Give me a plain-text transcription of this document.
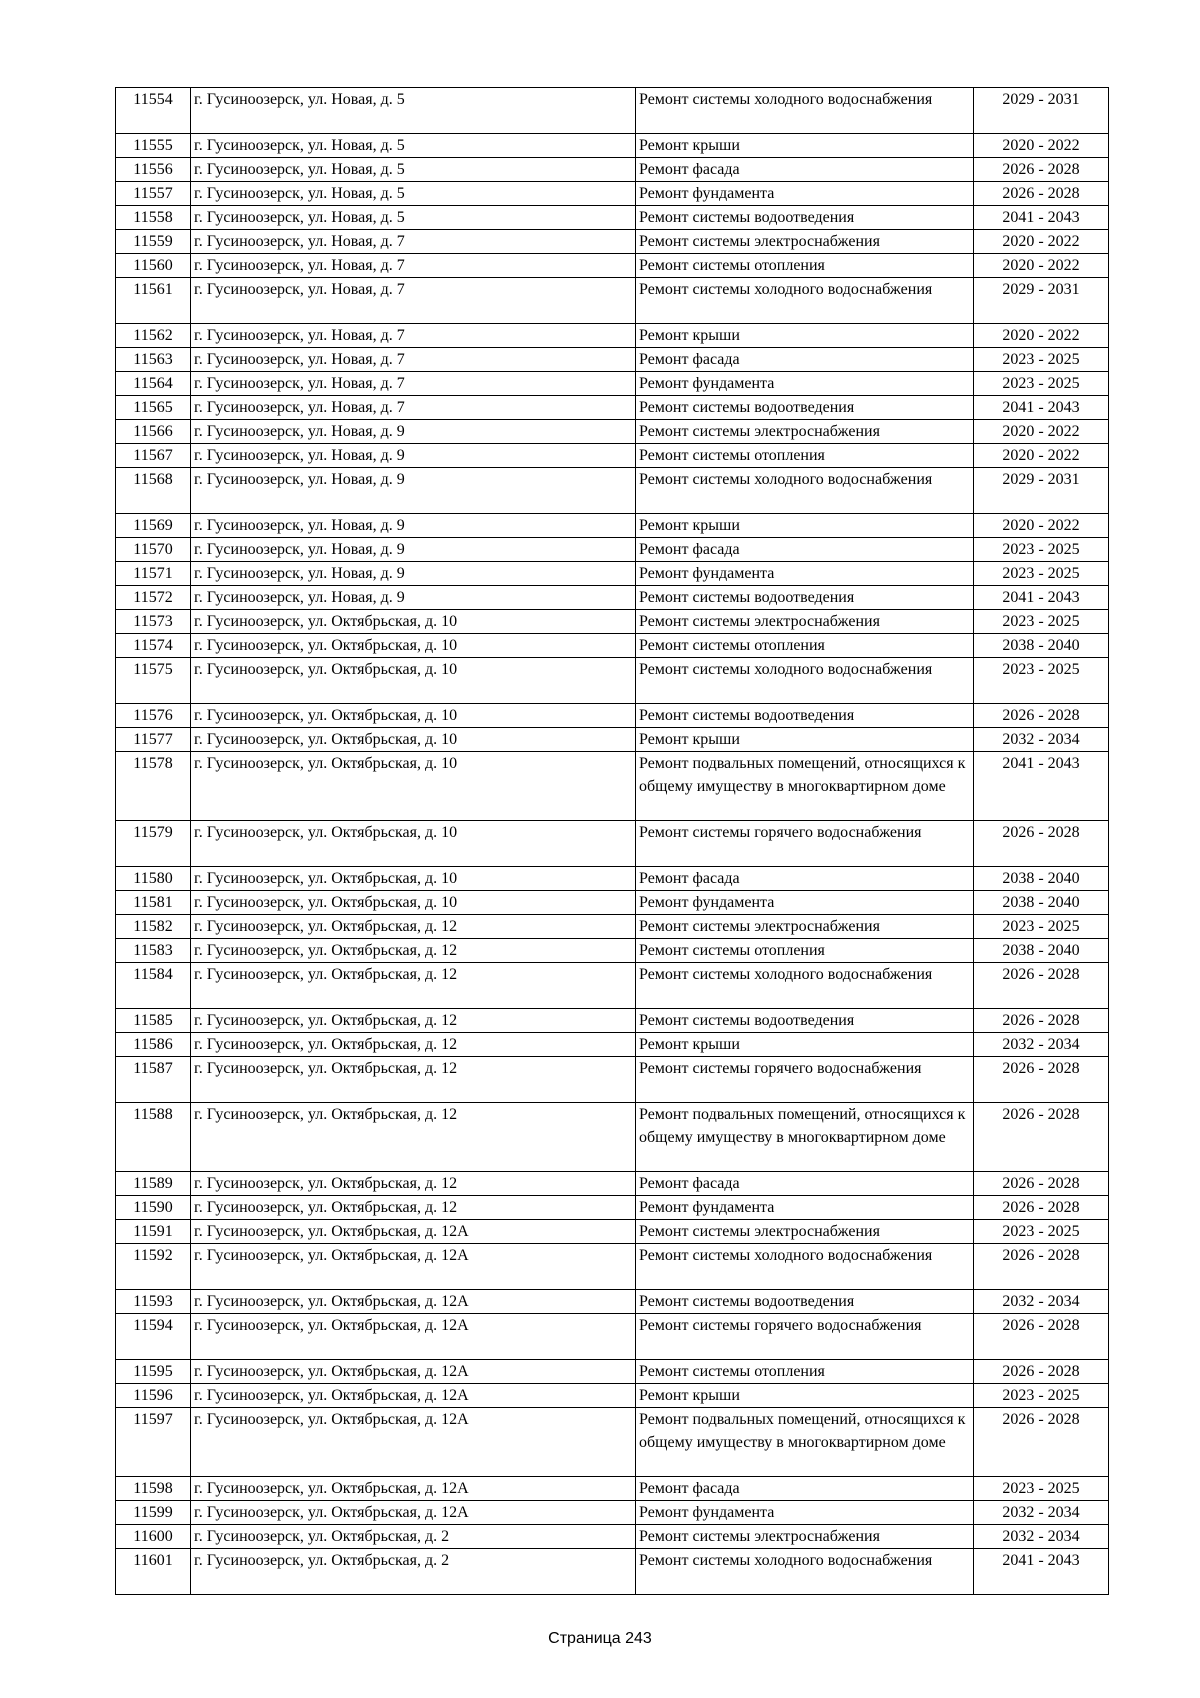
11554	г. Гусиноозерск, ул. Новая, д. 5	Ремонт системы холодного водоснабжения	2029 - 2031
11555	г. Гусиноозерск, ул. Новая, д. 5	Ремонт крыши	2020 - 2022
11556	г. Гусиноозерск, ул. Новая, д. 5	Ремонт фасада	2026 - 2028
11557	г. Гусиноозерск, ул. Новая, д. 5	Ремонт фундамента	2026 - 2028
11558	г. Гусиноозерск, ул. Новая, д. 5	Ремонт системы водоотведения	2041 - 2043
11559	г. Гусиноозерск, ул. Новая, д. 7	Ремонт системы электроснабжения	2020 - 2022
11560	г. Гусиноозерск, ул. Новая, д. 7	Ремонт системы отопления	2020 - 2022
11561	г. Гусиноозерск, ул. Новая, д. 7	Ремонт системы холодного водоснабжения	2029 - 2031
11562	г. Гусиноозерск, ул. Новая, д. 7	Ремонт крыши	2020 - 2022
11563	г. Гусиноозерск, ул. Новая, д. 7	Ремонт фасада	2023 - 2025
11564	г. Гусиноозерск, ул. Новая, д. 7	Ремонт фундамента	2023 - 2025
11565	г. Гусиноозерск, ул. Новая, д. 7	Ремонт системы водоотведения	2041 - 2043
11566	г. Гусиноозерск, ул. Новая, д. 9	Ремонт системы электроснабжения	2020 - 2022
11567	г. Гусиноозерск, ул. Новая, д. 9	Ремонт системы отопления	2020 - 2022
11568	г. Гусиноозерск, ул. Новая, д. 9	Ремонт системы холодного водоснабжения	2029 - 2031
11569	г. Гусиноозерск, ул. Новая, д. 9	Ремонт крыши	2020 - 2022
11570	г. Гусиноозерск, ул. Новая, д. 9	Ремонт фасада	2023 - 2025
11571	г. Гусиноозерск, ул. Новая, д. 9	Ремонт фундамента	2023 - 2025
11572	г. Гусиноозерск, ул. Новая, д. 9	Ремонт системы водоотведения	2041 - 2043
11573	г. Гусиноозерск, ул. Октябрьская, д. 10	Ремонт системы электроснабжения	2023 - 2025
11574	г. Гусиноозерск, ул. Октябрьская, д. 10	Ремонт системы отопления	2038 - 2040
11575	г. Гусиноозерск, ул. Октябрьская, д. 10	Ремонт системы холодного водоснабжения	2023 - 2025
11576	г. Гусиноозерск, ул. Октябрьская, д. 10	Ремонт системы водоотведения	2026 - 2028
11577	г. Гусиноозерск, ул. Октябрьская, д. 10	Ремонт крыши	2032 - 2034
11578	г. Гусиноозерск, ул. Октябрьская, д. 10	Ремонт подвальных помещений, относящихся к общему имуществу в многоквартирном доме	2041 - 2043
11579	г. Гусиноозерск, ул. Октябрьская, д. 10	Ремонт системы горячего водоснабжения	2026 - 2028
11580	г. Гусиноозерск, ул. Октябрьская, д. 10	Ремонт фасада	2038 - 2040
11581	г. Гусиноозерск, ул. Октябрьская, д. 10	Ремонт фундамента	2038 - 2040
11582	г. Гусиноозерск, ул. Октябрьская, д. 12	Ремонт системы электроснабжения	2023 - 2025
11583	г. Гусиноозерск, ул. Октябрьская, д. 12	Ремонт системы отопления	2038 - 2040
11584	г. Гусиноозерск, ул. Октябрьская, д. 12	Ремонт системы холодного водоснабжения	2026 - 2028
11585	г. Гусиноозерск, ул. Октябрьская, д. 12	Ремонт системы водоотведения	2026 - 2028
11586	г. Гусиноозерск, ул. Октябрьская, д. 12	Ремонт крыши	2032 - 2034
11587	г. Гусиноозерск, ул. Октябрьская, д. 12	Ремонт системы горячего водоснабжения	2026 - 2028
11588	г. Гусиноозерск, ул. Октябрьская, д. 12	Ремонт подвальных помещений, относящихся к общему имуществу в многоквартирном доме	2026 - 2028
11589	г. Гусиноозерск, ул. Октябрьская, д. 12	Ремонт фасада	2026 - 2028
11590	г. Гусиноозерск, ул. Октябрьская, д. 12	Ремонт фундамента	2026 - 2028
11591	г. Гусиноозерск, ул. Октябрьская, д. 12А	Ремонт системы электроснабжения	2023 - 2025
11592	г. Гусиноозерск, ул. Октябрьская, д. 12А	Ремонт системы холодного водоснабжения	2026 - 2028
11593	г. Гусиноозерск, ул. Октябрьская, д. 12А	Ремонт системы водоотведения	2032 - 2034
11594	г. Гусиноозерск, ул. Октябрьская, д. 12А	Ремонт системы горячего водоснабжения	2026 - 2028
11595	г. Гусиноозерск, ул. Октябрьская, д. 12А	Ремонт системы отопления	2026 - 2028
11596	г. Гусиноозерск, ул. Октябрьская, д. 12А	Ремонт крыши	2023 - 2025
11597	г. Гусиноозерск, ул. Октябрьская, д. 12А	Ремонт подвальных помещений, относящихся к общему имуществу в многоквартирном доме	2026 - 2028
11598	г. Гусиноозерск, ул. Октябрьская, д. 12А	Ремонт фасада	2023 - 2025
11599	г. Гусиноозерск, ул. Октябрьская, д. 12А	Ремонт фундамента	2032 - 2034
11600	г. Гусиноозерск, ул. Октябрьская, д. 2	Ремонт системы электроснабжения	2032 - 2034
11601	г. Гусиноозерск, ул. Октябрьская, д. 2	Ремонт системы холодного водоснабжения	2041 - 2043
Страница 243
